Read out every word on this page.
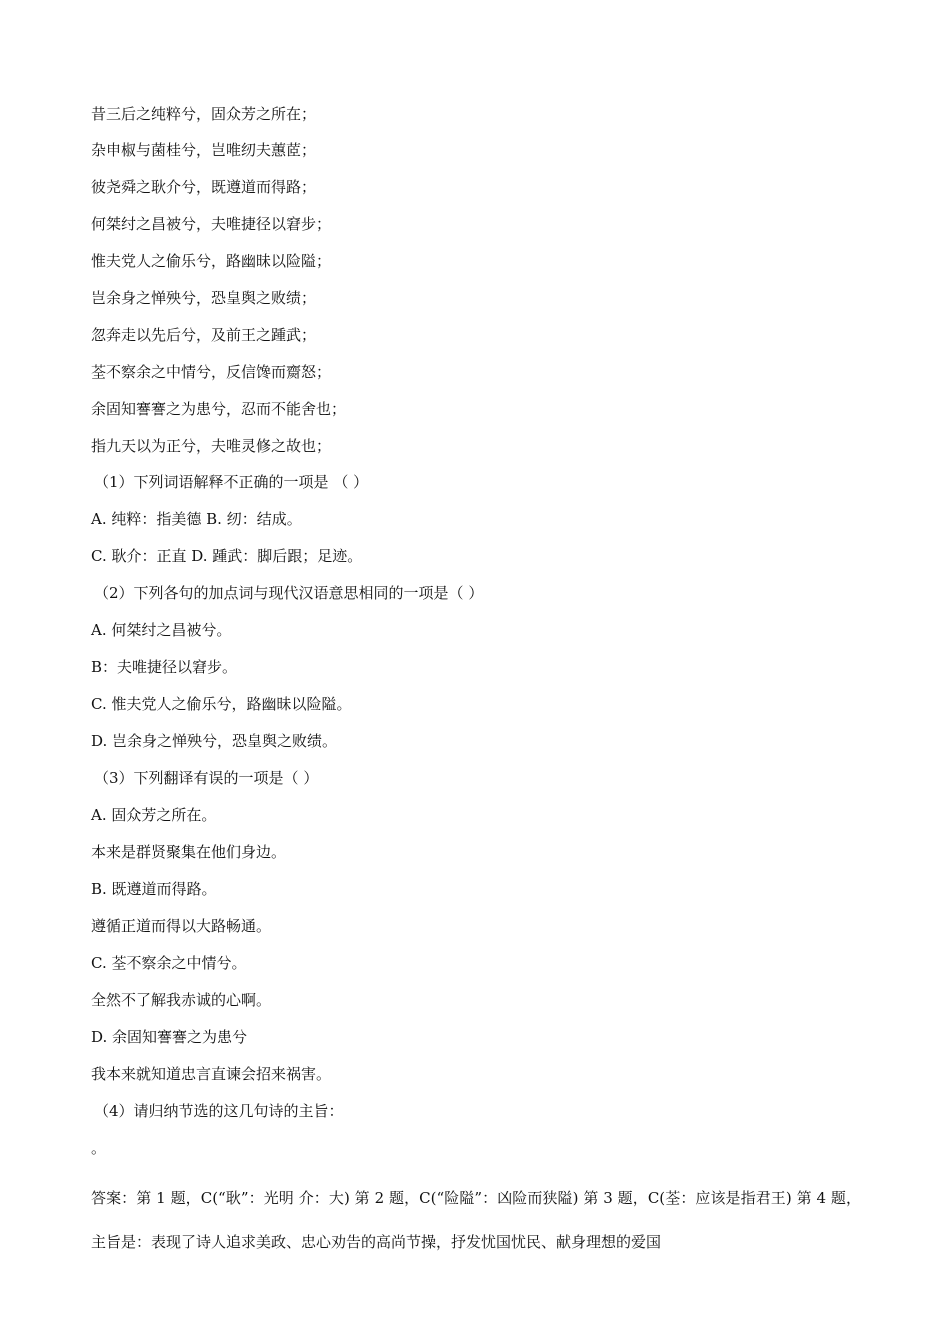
昔三后之纯粹兮，固众芳之所在；
杂申椒与菌桂兮，岂唯纫夫蕙茝；
彼尧舜之耿介兮，既遵道而得路；
何桀纣之昌被兮，夫唯捷径以窘步；
惟夫党人之偷乐兮，路幽昧以险隘；
岂余身之惮殃兮，恐皇舆之败绩；
忽奔走以先后兮，及前王之踵武；
荃不察余之中情兮，反信馋而齌怒；
余固知謇謇之为患兮，忍而不能舍也；
指九天以为正兮，夫唯灵修之故也；
（1）下列词语解释不正确的一项是 （ ）
A. 纯粹：指美德 B. 纫：结成。
C. 耿介：正直 D. 踵武：脚后跟；足迹。
（2）下列各句的加点词与现代汉语意思相同的一项是（ ）
A. 何桀纣之昌被兮。
B：夫唯捷径以窘步。
C. 惟夫党人之偷乐兮，路幽昧以险隘。
D. 岂余身之惮殃兮，恐皇舆之败绩。
（3）下列翻译有误的一项是（ ）
A. 固众芳之所在。
本来是群贤聚集在他们身边。
B. 既遵道而得路。
遵循正道而得以大路畅通。
C. 荃不察余之中情兮。
全然不了解我赤诚的心啊。
D. 余固知謇謇之为患兮
我本来就知道忠言直谏会招来祸害。
（4）请归纳节选的这几句诗的主旨：
。
答案：第 1 题，C(“耿”：光明 介：大) 第 2 题，C(“险隘”：凶险而狭隘) 第 3 题，C(荃：应该是指君王) 第 4 题，主旨是：表现了诗人追求美政、忠心劝告的高尚节操，抒发忧国忧民、献身理想的爱国
